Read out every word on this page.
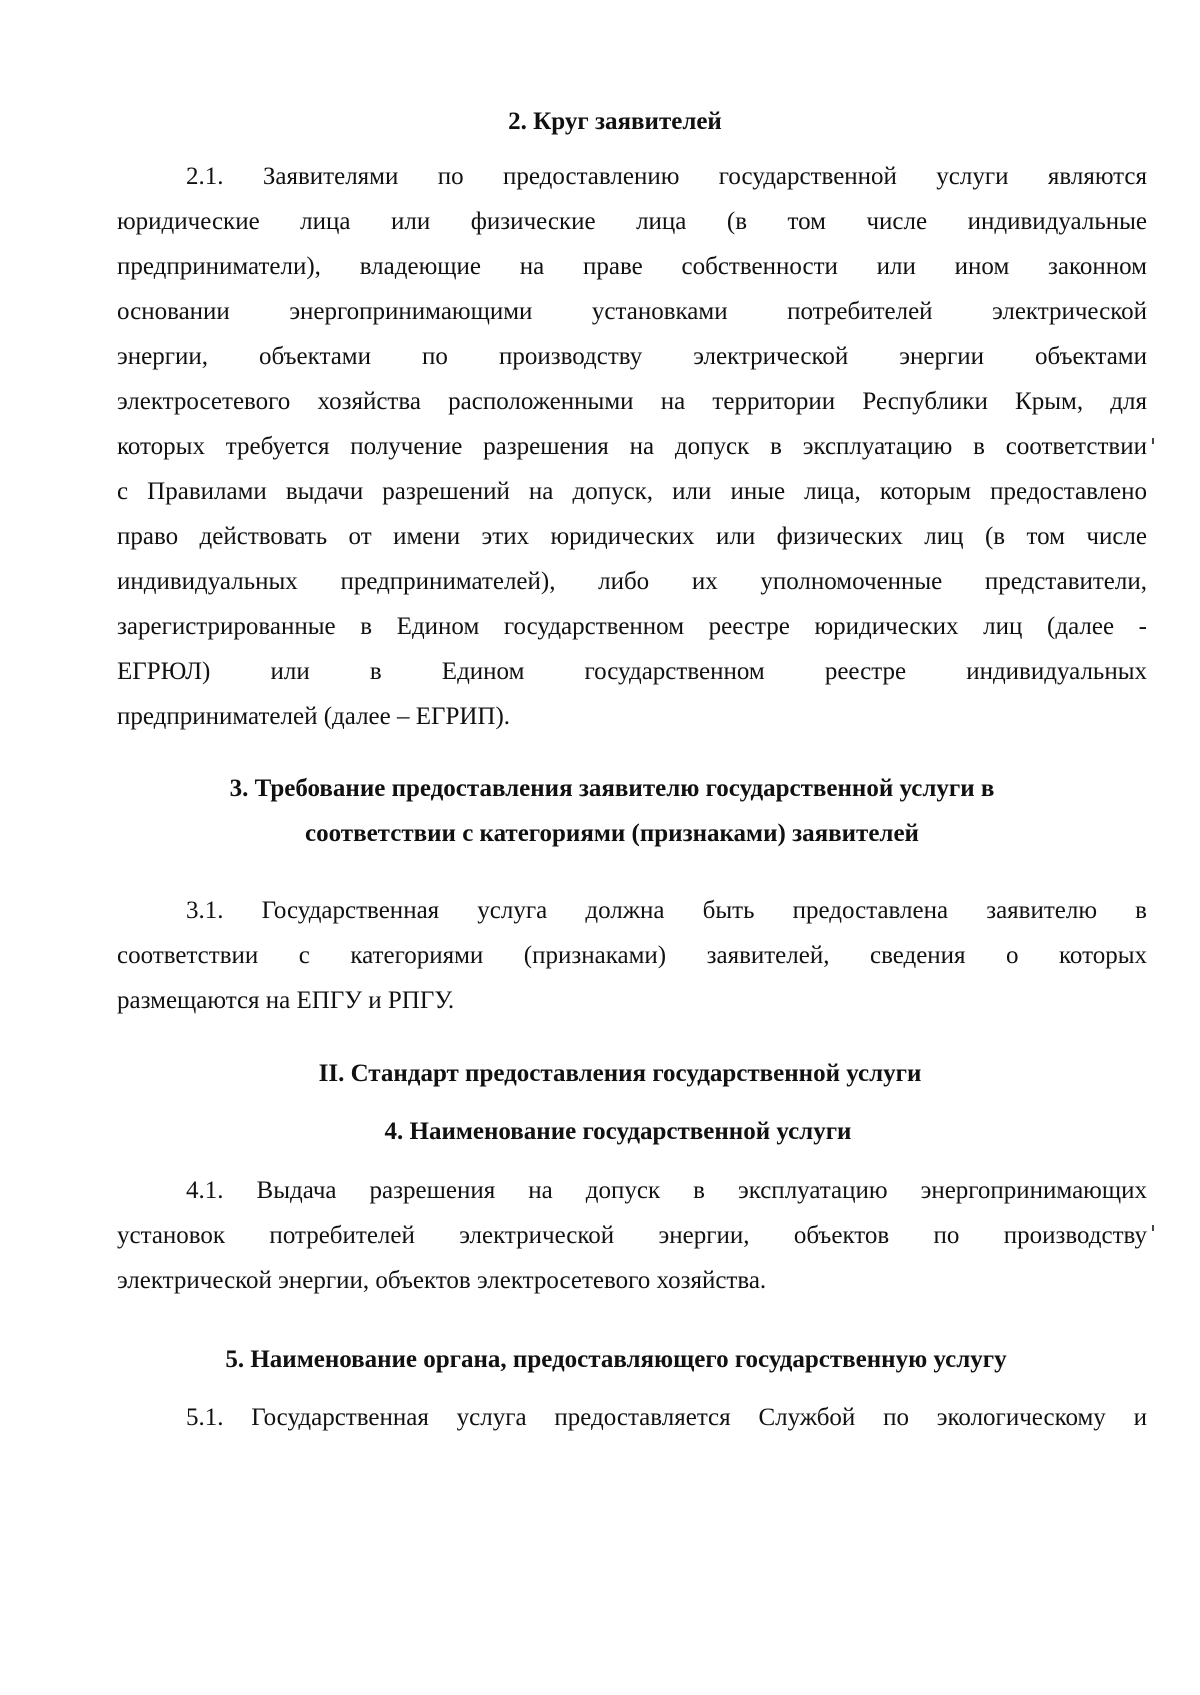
2. Круг заявителей
2.1. Заявителями по предоставлению государственной услуги являются
юридические лица или физические лица (в том числе индивидуальные
предприниматели), владеющие на праве собственности или ином законном
основании энергопринимающими установками потребителей электрической
энергии, объектами по производству электрической энергии объектами
электросетевого хозяйства расположенными на территории Республики Крым, для
которых требуется получение разрешения на допуск в эксплуатацию в соответствии
с Правилами выдачи разрешений на допуск, или иные лица, которым предоставлено
право действовать от имени этих юридических или физических лиц (в том числе
индивидуальных предпринимателей), либо их уполномоченные представители,
зарегистрированные в Едином государственном реестре юридических лиц (далее -
ЕГРЮЛ) или в Едином государственном реестре индивидуальных
предпринимателей (далее – ЕГРИП).
3. Требование предоставления заявителю государственной услуги в
соответствии с категориями (признаками) заявителей
3.1. Государственная услуга должна быть предоставлена заявителю в
соответствии с категориями (признаками) заявителей, сведения о которых
размещаются на ЕПГУ и РПГУ.
II. Стандарт предоставления государственной услуги
4. Наименование государственной услуги
4.1. Выдача разрешения на допуск в эксплуатацию энергопринимающих
установок потребителей электрической энергии, объектов по производству
электрической энергии, объектов электросетевого хозяйства.
5. Наименование органа, предоставляющего государственную услугу
5.1. Государственная услуга предоставляется Службой по экологическому и
